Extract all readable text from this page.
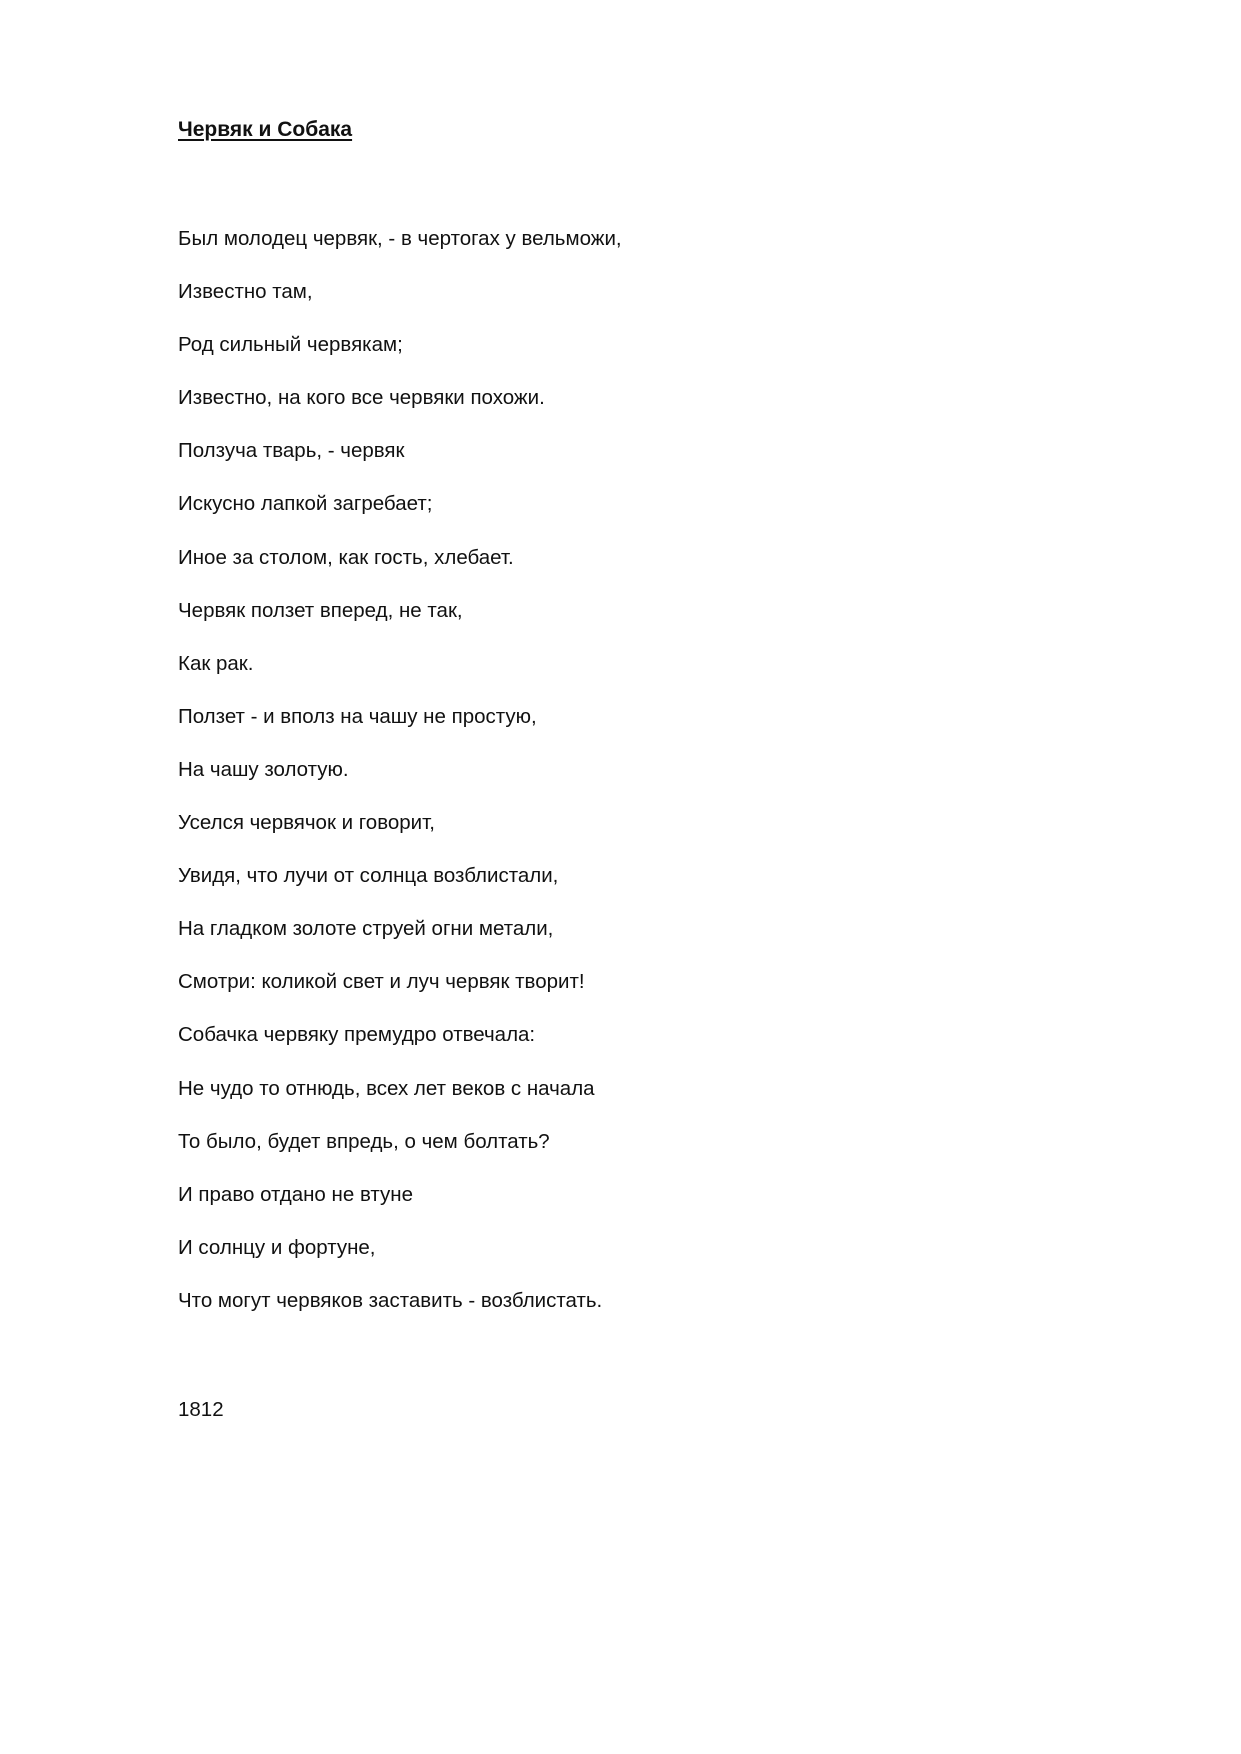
Червяк и Собака
Был молодец червяк, - в чертогах у вельможи,
Известно там,
Род сильный червякам;
Известно, на кого все червяки похожи.
Ползуча тварь, - червяк
Искусно лапкой загребает;
Иное за столом, как гость, хлебает.
Червяк ползет вперед, не так,
Как рак.
Ползет - и вполз на чашу не простую,
На чашу золотую.
Уселся червячок и говорит,
Увидя, что лучи от солнца возблистали,
На гладком золоте струей огни метали,
Смотри: коликой свет и луч червяк творит!
Собачка червяку премудро отвечала:
Не чудо то отнюдь, всех лет веков с начала
То было, будет впредь, о чем болтать?
И право отдано не втуне
И солнцу и фортуне,
Что могут червяков заставить - возблистать.
1812
